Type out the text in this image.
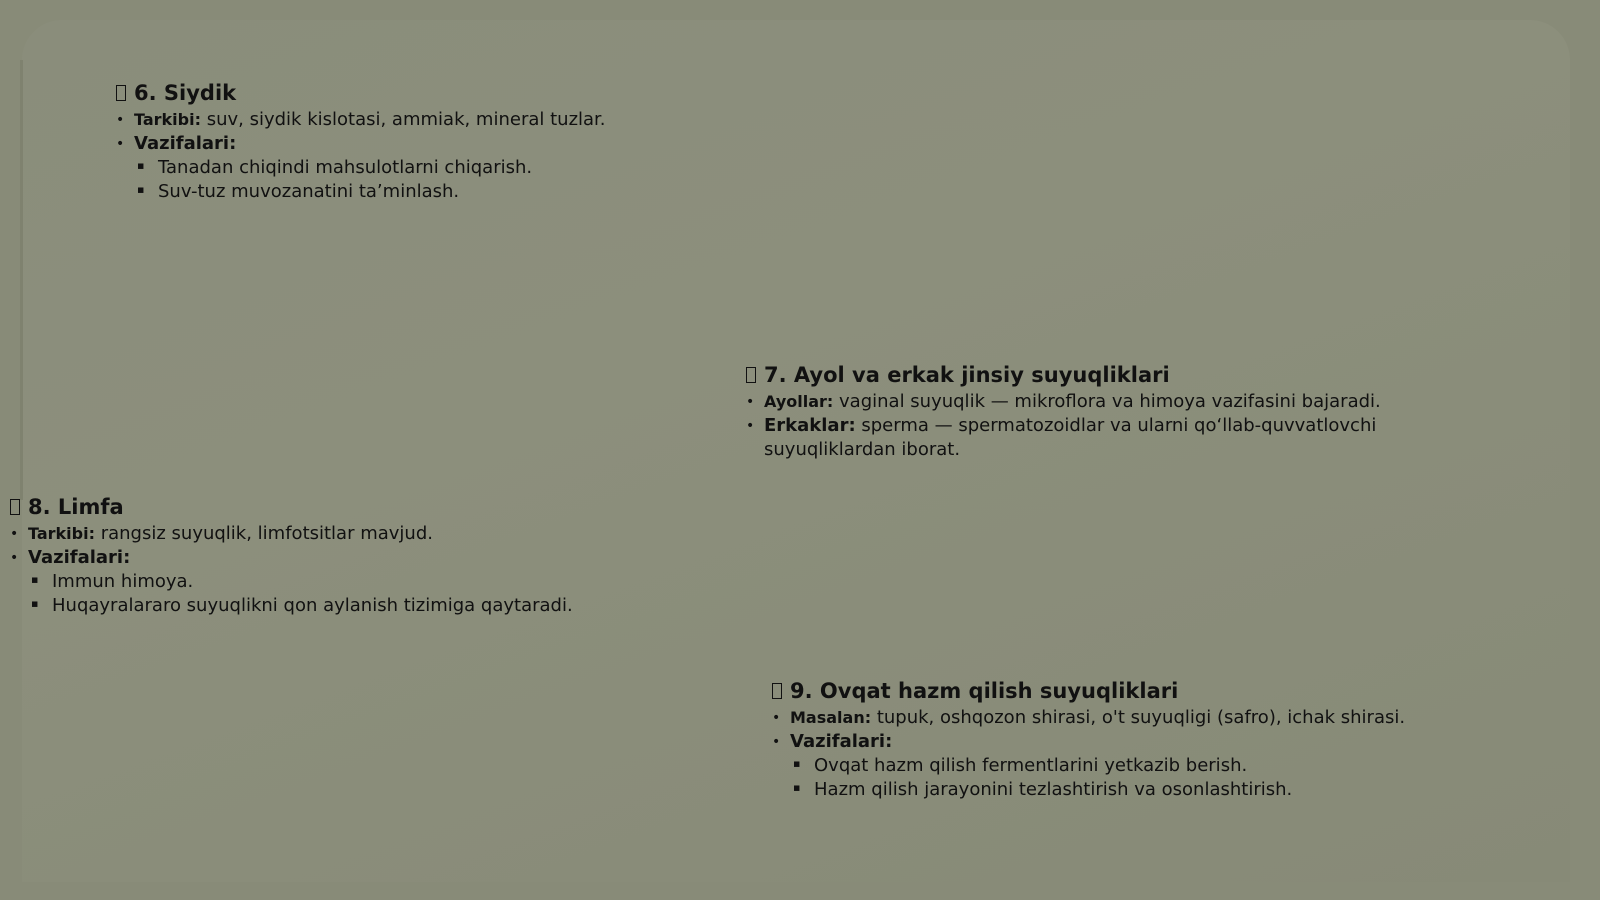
6. Siydik
• Tarkibi: suv, siydik kislotasi, ammiak, mineral tuzlar.
• Vazifalari:
▪ Tanadan chiqindi mahsulotlarni chiqarish.
▪ Suv-tuz muvozanatini ta’minlash.
7. Ayol va erkak jinsiy suyuqliklari
• Ayollar: vaginal suyuqlik — mikroflora va himoya vazifasini bajaradi.
• Erkaklar: sperma — spermatozoidlar va ularni qo‘llab-quvvatlovchi
suyuqliklardan iborat.
8. Limfa
• Tarkibi: rangsiz suyuqlik, limfotsitlar mavjud.
• Vazifalari:
▪ Immun himoya.
▪ Huqayralararo suyuqlikni qon aylanish tizimiga qaytaradi.
9. Ovqat hazm qilish suyuqliklari
• Masalan: tupuk, oshqozon shirasi, o't suyuqligi (safro), ichak shirasi.
• Vazifalari:
▪ Ovqat hazm qilish fermentlarini yetkazib berish.
▪ Hazm qilish jarayonini tezlashtirish va osonlashtirish.
